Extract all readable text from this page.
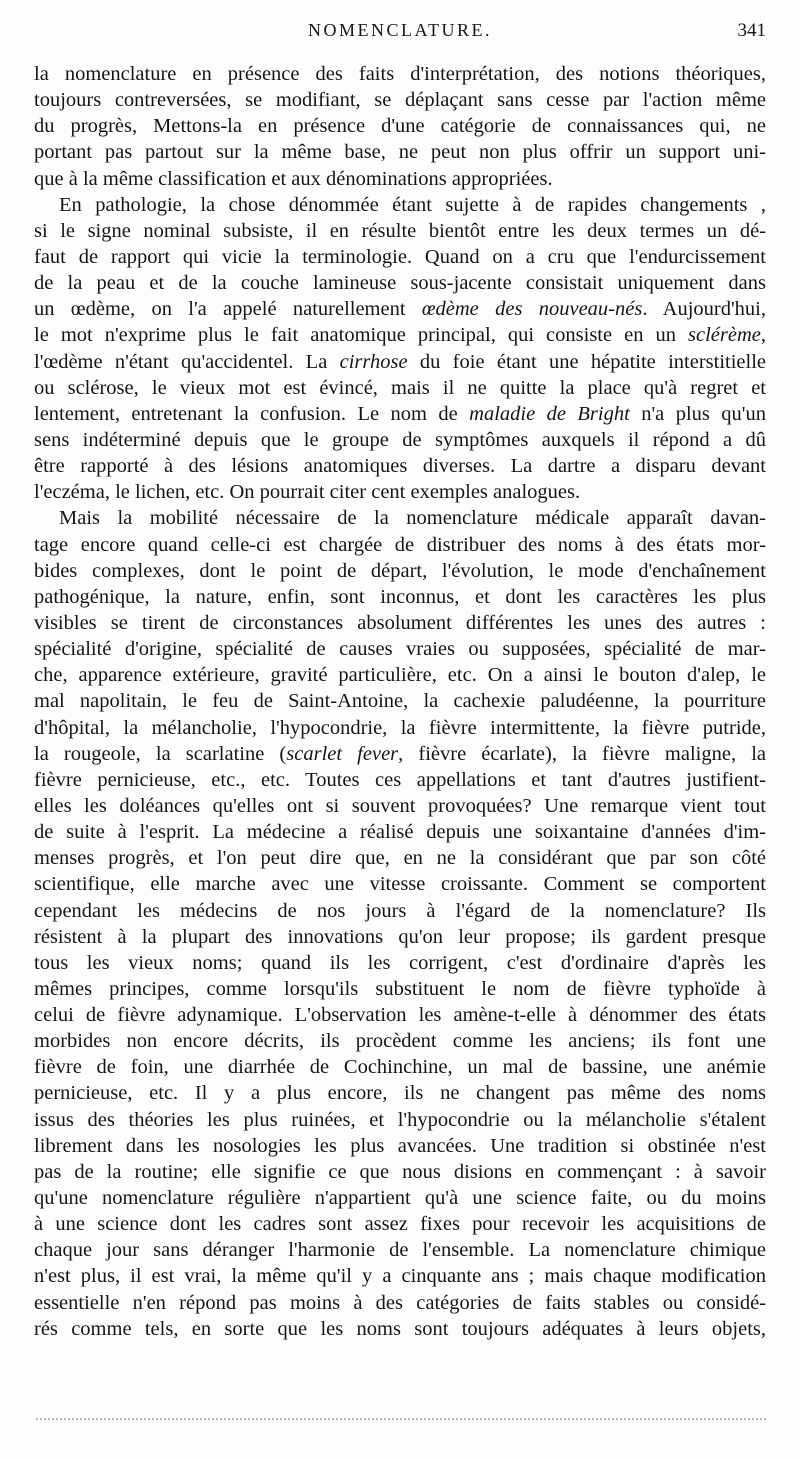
NOMENCLATURE.	341
la nomenclature en présence des faits d'interprétation, des notions théoriques,
toujours contreversées, se modifiant, se déplaçant sans cesse par l'action même
du progrès, Mettons-la en présence d'une catégorie de connaissances qui, ne
portant pas partout sur la même base, ne peut non plus offrir un support uni-
que à la même classification et aux dénominations appropriées.
En pathologie, la chose dénommée étant sujette à de rapides changements ,
si le signe nominal subsiste, il en résulte bientôt entre les deux termes un dé-
faut de rapport qui vicie la terminologie. Quand on a cru que l'endurcissement
de la peau et de la couche lamineuse sous-jacente consistait uniquement dans
un œdème, on l'a appelé naturellement œdème des nouveau-nés. Aujourd'hui,
le mot n'exprime plus le fait anatomique principal, qui consiste en un sclérème,
l'œdème n'étant qu'accidentel. La cirrhose du foie étant une hépatite interstitielle
ou sclérose, le vieux mot est évincé, mais il ne quitte la place qu'à regret et
lentement, entretenant la confusion. Le nom de maladie de Bright n'a plus qu'un
sens indéterminé depuis que le groupe de symptômes auxquels il répond a dû
être rapporté à des lésions anatomiques diverses. La dartre a disparu devant
l'eczéma, le lichen, etc. On pourrait citer cent exemples analogues.
Mais la mobilité nécessaire de la nomenclature médicale apparaît davan-
tage encore quand celle-ci est chargée de distribuer des noms à des états mor-
bides complexes, dont le point de départ, l'évolution, le mode d'enchaînement
pathogénique, la nature, enfin, sont inconnus, et dont les caractères les plus
visibles se tirent de circonstances absolument différentes les unes des autres :
spécialité d'origine, spécialité de causes vraies ou supposées, spécialité de mar-
che, apparence extérieure, gravité particulière, etc. On a ainsi le bouton d'alep, le
mal napolitain, le feu de Saint-Antoine, la cachexie paludéenne, la pourriture
d'hôpital, la mélancholie, l'hypocondrie, la fièvre intermittente, la fièvre putride,
la rougeole, la scarlatine (scarlet fever, fièvre écarlate), la fièvre maligne, la
fièvre pernicieuse, etc., etc. Toutes ces appellations et tant d'autres justifient-
elles les doléances qu'elles ont si souvent provoquées? Une remarque vient tout
de suite à l'esprit. La médecine a réalisé depuis une soixantaine d'années d'im-
menses progrès, et l'on peut dire que, en ne la considérant que par son côté
scientifique, elle marche avec une vitesse croissante. Comment se comportent
cependant les médecins de nos jours à l'égard de la nomenclature? Ils
résistent à la plupart des innovations qu'on leur propose; ils gardent presque
tous les vieux noms; quand ils les corrigent, c'est d'ordinaire d'après les
mêmes principes, comme lorsqu'ils substituent le nom de fièvre typhoïde à
celui de fièvre adynamique. L'observation les amène-t-elle à dénommer des états
morbides non encore décrits, ils procèdent comme les anciens; ils font une
fièvre de foin, une diarrhée de Cochinchine, un mal de bassine, une anémie
pernicieuse, etc. Il y a plus encore, ils ne changent pas même des noms
issus des théories les plus ruinées, et l'hypocondrie ou la mélancholie s'étalent
librement dans les nosologies les plus avancées. Une tradition si obstinée n'est
pas de la routine; elle signifie ce que nous disions en commençant : à savoir
qu'une nomenclature régulière n'appartient qu'à une science faite, ou du moins
à une science dont les cadres sont assez fixes pour recevoir les acquisitions de
chaque jour sans déranger l'harmonie de l'ensemble. La nomenclature chimique
n'est plus, il est vrai, la même qu'il y a cinquante ans ; mais chaque modification
essentielle n'en répond pas moins à des catégories de faits stables ou considé-
rés comme tels, en sorte que les noms sont toujours adéquates à leurs objets,
